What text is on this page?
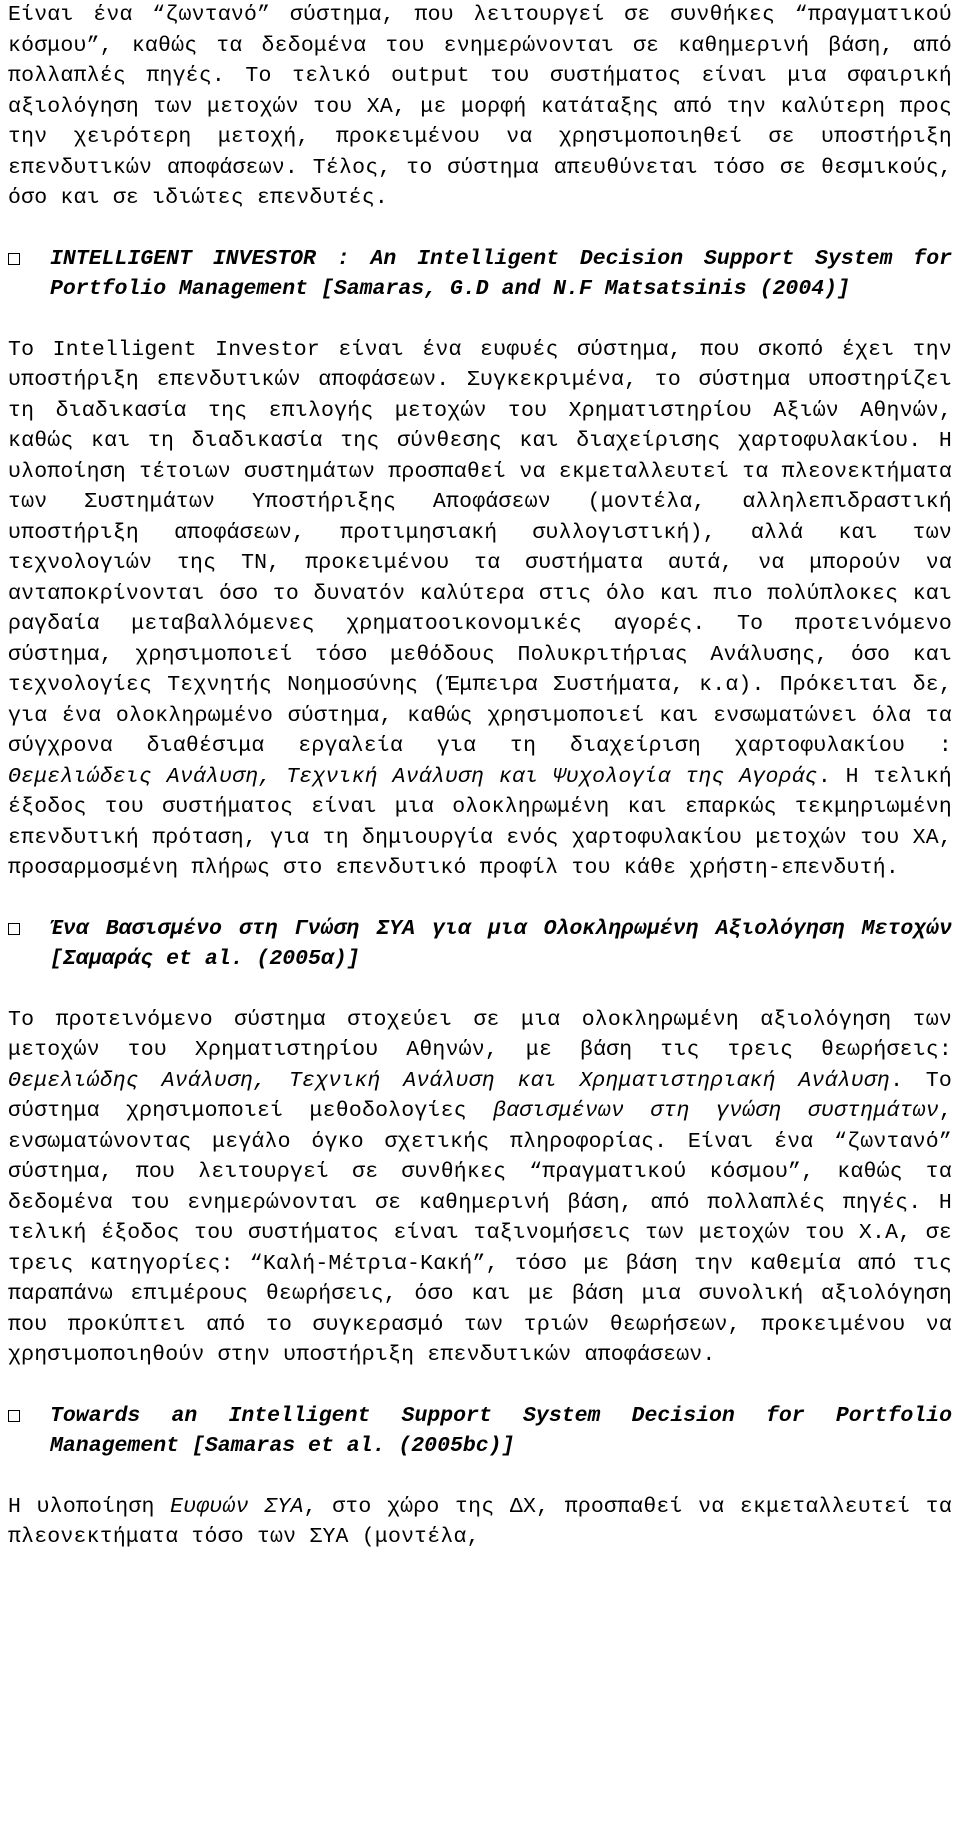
Είναι ένα “ζωντανό” σύστημα, που λειτουργεί σε συνθήκες “πραγματικού κόσμου”, καθώς τα δεδομένα του ενημερώνονται σε καθημερινή βάση, από πολλαπλές πηγές. Το τελικό output του συστήματος είναι μια σφαιρική αξιολόγηση των μετοχών του ΧΑ, με μορφή κατάταξης από την καλύτερη προς την χειρότερη μετοχή, προκειμένου να χρησιμοποιηθεί σε υποστήριξη επενδυτικών αποφάσεων. Τέλος, το σύστημα απευθύνεται τόσο σε θεσμικούς, όσο και σε ιδιώτες επενδυτές.

INTELLIGENT INVESTOR : An Intelligent Decision Support System for Portfolio Management [Samaras, G.D and N.F Matsatsinis (2004)]

Το Intelligent Investor είναι ένα ευφυές σύστημα, που σκοπό έχει την υποστήριξη επενδυτικών αποφάσεων. Συγκεκριμένα, το σύστημα υποστηρίζει τη διαδικασία της επιλογής μετοχών του Χρηματιστηρίου Αξιών Αθηνών, καθώς και τη διαδικασία της σύνθεσης και διαχείρισης χαρτοφυλακίου. Η υλοποίηση τέτοιων συστημάτων προσπαθεί να εκμεταλλευτεί τα πλεονεκτήματα των Συστημάτων Υποστήριξης Αποφάσεων (μοντέλα, αλληλεπιδραστική υποστήριξη αποφάσεων, προτιμησιακή συλλογιστική), αλλά και των τεχνολογιών της ΤΝ, προκειμένου τα συστήματα αυτά, να μπορούν να ανταποκρίνονται όσο το δυνατόν καλύτερα στις όλο και πιο πολύπλοκες και ραγδαία μεταβαλλόμενες χρηματοοικονομικές αγορές. Το προτεινόμενο σύστημα, χρησιμοποιεί τόσο μεθόδους Πολυκριτήριας Ανάλυσης, όσο και τεχνολογίες Τεχνητής Νοημοσύνης (Έμπειρα Συστήματα, κ.α). Πρόκειται δε, για ένα ολοκληρωμένο σύστημα, καθώς χρησιμοποιεί και ενσωματώνει όλα τα σύγχρονα διαθέσιμα εργαλεία για τη διαχείριση χαρτοφυλακίου : Θεμελιώδεις Ανάλυση, Τεχνική Ανάλυση και Ψυχολογία της Αγοράς. Η τελική έξοδος του συστήματος είναι μια ολοκληρωμένη και επαρκώς τεκμηριωμένη επενδυτική πρόταση, για τη δημιουργία ενός χαρτοφυλακίου μετοχών του ΧΑ, προσαρμοσμένη πλήρως στο επενδυτικό προφίλ του κάθε χρήστη-επενδυτή.

Ένα Βασισμένο στη Γνώση ΣΥΑ για μια Ολοκληρωμένη Αξιολόγηση Μετοχών [Σαμαράς et al. (2005α)]

Το προτεινόμενο σύστημα στοχεύει σε μια ολοκληρωμένη αξιολόγηση των μετοχών του Χρηματιστηρίου Αθηνών, με βάση τις τρεις θεωρήσεις: Θεμελιώδης Ανάλυση, Τεχνική Ανάλυση και Χρηματιστηριακή Ανάλυση. Το σύστημα χρησιμοποιεί μεθοδολογίες βασισμένων στη γνώση συστημάτων, ενσωματώνοντας μεγάλο όγκο σχετικής πληροφορίας. Είναι ένα “ζωντανό” σύστημα, που λειτουργεί σε συνθήκες “πραγματικού κόσμου”, καθώς τα δεδομένα του ενημερώνονται σε καθημερινή βάση, από πολλαπλές πηγές. Η τελική έξοδος του συστήματος είναι ταξινομήσεις των μετοχών του Χ.Α, σε τρεις κατηγορίες: “Καλή-Μέτρια-Κακή”, τόσο με βάση την καθεμία από τις παραπάνω επιμέρους θεωρήσεις, όσο και με βάση μια συνολική αξιολόγηση που προκύπτει από το συγκερασμό των τριών θεωρήσεων, προκειμένου να χρησιμοποιηθούν στην υποστήριξη επενδυτικών αποφάσεων.

Towards an Intelligent Support System Decision for Portfolio Management [Samaras et al. (2005bc)]

Η υλοποίηση Ευφυών ΣΥΑ, στο χώρο της ΔΧ, προσπαθεί να εκμεταλλευτεί τα πλεονεκτήματα τόσο των ΣΥΑ (μοντέλα,
